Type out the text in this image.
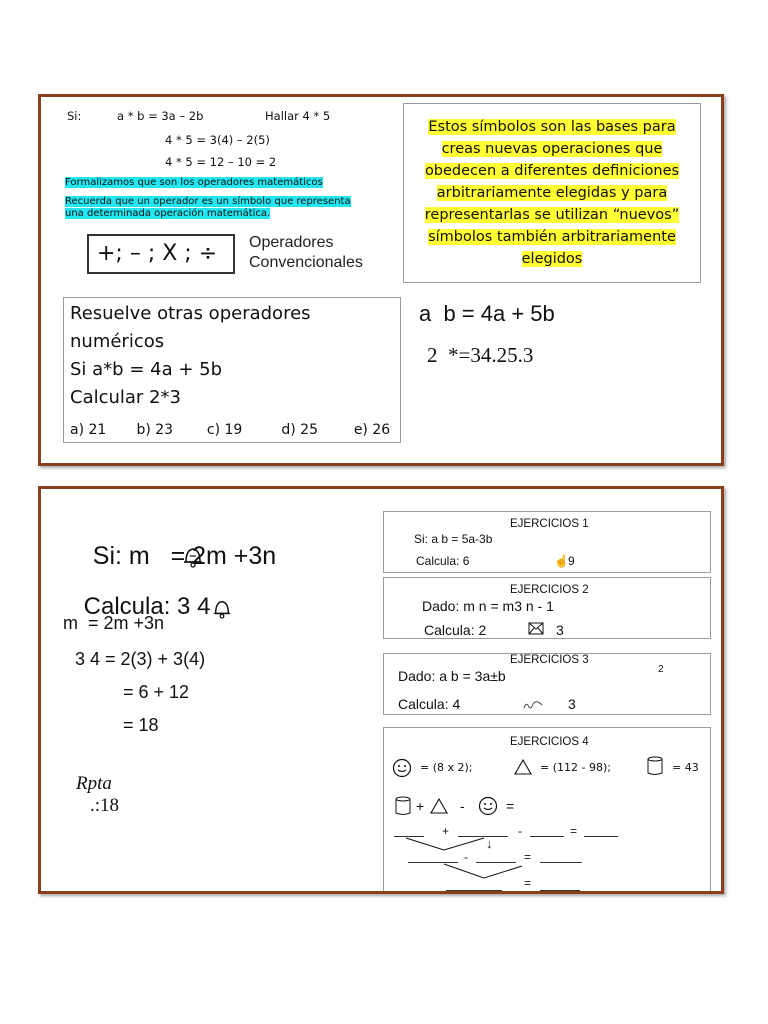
Si:	a * b = 3a – 2b	Hallar 4 * 5
4 * 5 = 3(4) – 2(5)
4 * 5 = 12 – 10 = 2
Formalizamos que son los operadores matemáticos
Recuerda que un operador es un símbolo que representa
una determinada operación matemática.
+; – ; X ; ÷ Operadores
Convencionales
Estos símbolos son las bases para
creas nuevas operaciones que
obedecen a diferentes definiciones
arbitrariamente elegidas y para
representarlas se utilizan “nuevos”
símbolos también arbitrariamente
elegidos
Resuelve otras operadores
numéricos
Si a*b = 4a + 5b
Calcular 2*3
a) 21 b) 23 c) 19	d) 25	e) 26
a  b = 4a + 5b
2  *=34.25.3

Si: m   = 2m +3n

Calcula: 3 4

m  = 2m +3n
3 4 = 2(3) + 3(4)
= 6 + 12
= 18

Rpta
.:18

EJERCICIOS 1
Si: a b = 5a-3b
Calcula: 6	☝ 9
EJERCICIOS 2
Dado: m n = m3 n - 1
Calcula: 2	3
EJERCICIOS 3
2
Dado: a b = 3a±b
Calcula: 4	3
EJERCICIOS 4
= (8 x 2);	= (112 - 98);	= 43
+	-	=
+	-	=
↓
-	=
=
